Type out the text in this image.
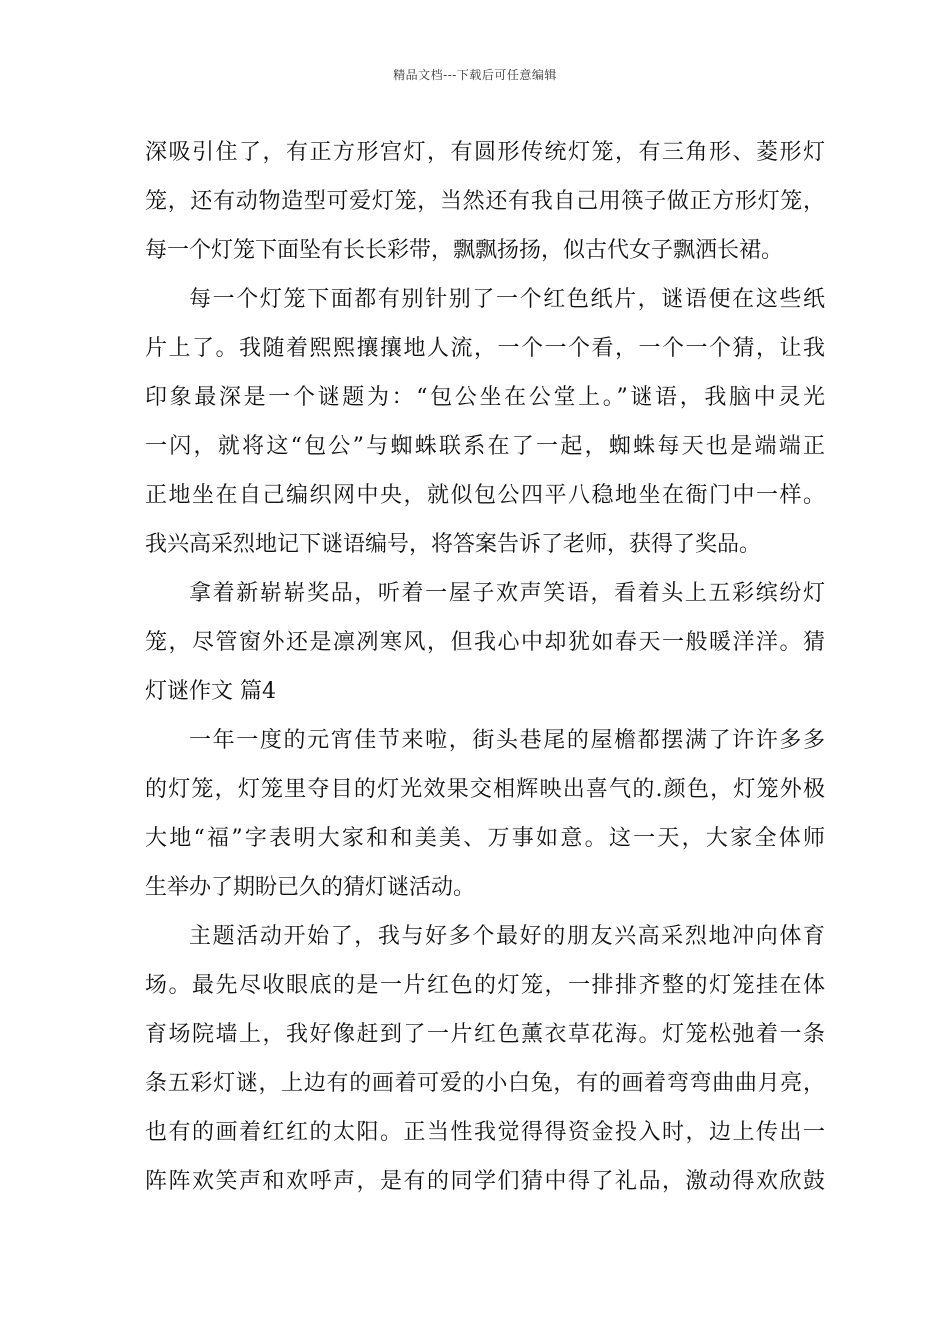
精品文档---下载后可任意编辑
深吸引住了，有正方形宫灯，有圆形传统灯笼，有三角形、菱形灯
笼，还有动物造型可爱灯笼，当然还有我自己用筷子做正方形灯笼，
每一个灯笼下面坠有长长彩带，飘飘扬扬，似古代女子飘洒长裙。
每一个灯笼下面都有别针别了一个红色纸片，谜语便在这些纸
片上了。我随着熙熙攘攘地人流，一个一个看，一个一个猜，让我
印象最深是一个谜题为：“包公坐在公堂上。”谜语，我脑中灵光
一闪，就将这“包公”与蜘蛛联系在了一起，蜘蛛每天也是端端正
正地坐在自己编织网中央，就似包公四平八稳地坐在衙门中一样。
我兴高采烈地记下谜语编号，将答案告诉了老师，获得了奖品。
拿着新崭崭奖品，听着一屋子欢声笑语，看着头上五彩缤纷灯
笼，尽管窗外还是凛冽寒风，但我心中却犹如春天一般暖洋洋。猜
灯谜作文 篇4
一年一度的元宵佳节来啦，街头巷尾的屋檐都摆满了许许多多
的灯笼，灯笼里夺目的灯光效果交相辉映出喜气的.颜色，灯笼外极
大地“福”字表明大家和和美美、万事如意。这一天，大家全体师
生举办了期盼已久的猜灯谜活动。
主题活动开始了，我与好多个最好的朋友兴高采烈地冲向体育
场。最先尽收眼底的是一片红色的灯笼，一排排齐整的灯笼挂在体
育场院墙上，我好像赶到了一片红色薰衣草花海。灯笼松弛着一条
条五彩灯谜，上边有的画着可爱的小白兔，有的画着弯弯曲曲月亮，
也有的画着红红的太阳。正当性我觉得得资金投入时，边上传出一
阵阵欢笑声和欢呼声，是有的同学们猜中得了礼品，激动得欢欣鼓
